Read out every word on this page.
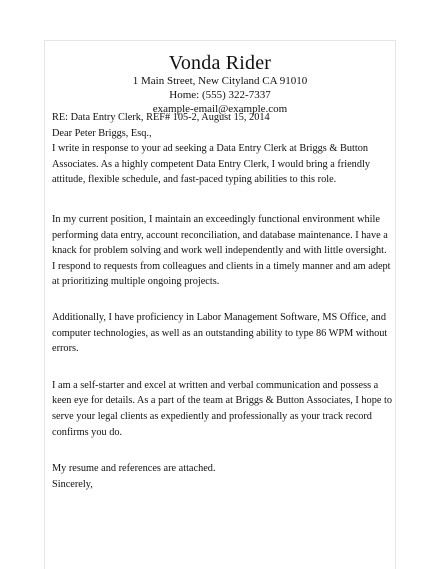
Vonda Rider
1 Main Street, New Cityland CA 91010
Home: (555) 322-7337
example-email@example.com

RE: Data Entry Clerk, REF# 105-2, August 15, 2014

Dear Peter Briggs, Esq.,

I write in response to your ad seeking a Data Entry Clerk at Briggs & Button Associates. As a highly competent Data Entry Clerk, I would bring a friendly attitude, flexible schedule, and fast-paced typing abilities to this role.

In my current position, I maintain an exceedingly functional environment while performing data entry, account reconciliation, and database maintenance. I have a knack for problem solving and work well independently and with little oversight. I respond to requests from colleagues and clients in a timely manner and am adept at prioritizing multiple ongoing projects.

Additionally, I have proficiency in Labor Management Software, MS Office, and computer technologies, as well as an outstanding ability to type 86 WPM without errors.

I am a self-starter and excel at written and verbal communication and possess a keen eye for details. As a part of the team at Briggs & Button Associates, I hope to serve your legal clients as expediently and professionally as your track record confirms you do.

My resume and references are attached.

Sincerely,
